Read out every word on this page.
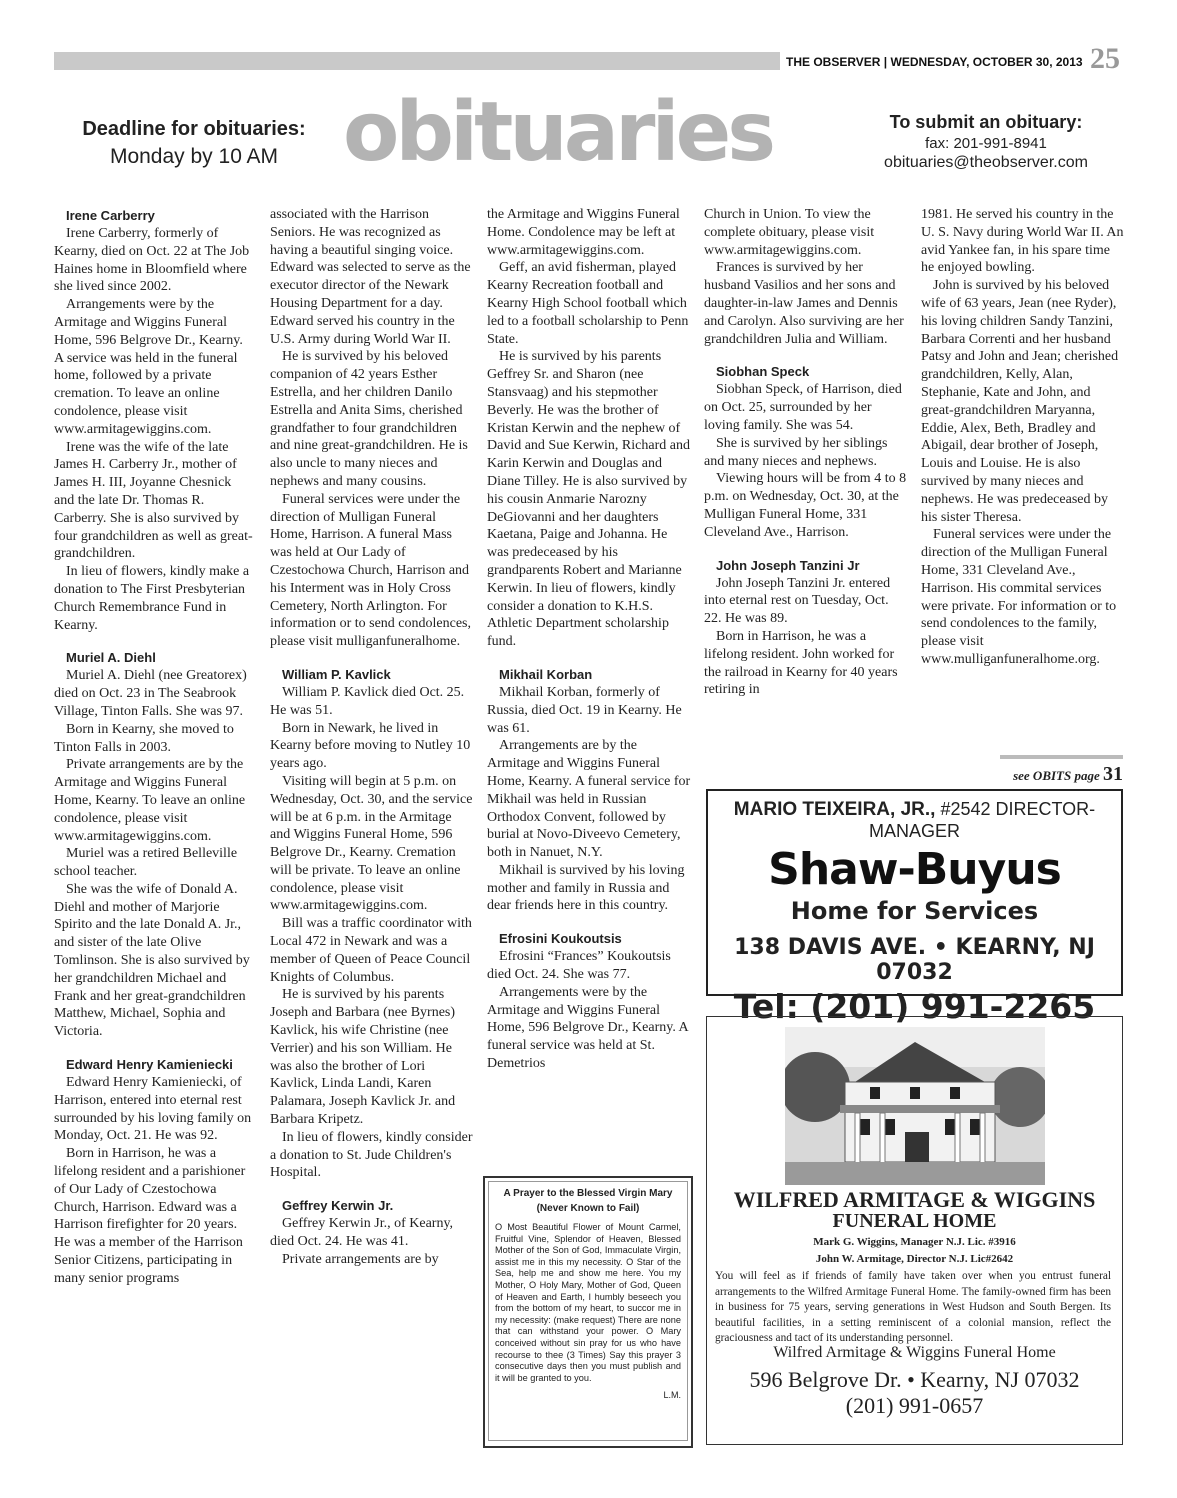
THE OBSERVER | WEDNESDAY, OCTOBER 30, 2013 25
Deadline for obituaries:
Monday by 10 AM obituaries	To submit an obituary:
fax: 201-991-8941
obituaries@theobserver.com
Irene Carberry

Irene Carberry, formerly of Kearny, died on Oct. 22 at The Job Haines home in Bloomfield where she lived since 2002.

Arrangements were by the Armitage and Wiggins Funeral Home, 596 Belgrove Dr., Kearny. A service was held in the funeral home, followed by a private cremation. To leave an online condolence, please visit www.armitagewiggins.com.

Irene was the wife of the late James H. Carberry Jr., mother of James H. III, Joyanne Chesnick and the late Dr. Thomas R. Carberry. She is also survived by four grandchildren as well as great-grandchildren.

In lieu of flowers, kindly make a donation to The First Presbyterian Church Remembrance Fund in Kearny.

Muriel A. Diehl

Muriel A. Diehl (nee Greatorex) died on Oct. 23 in The Seabrook Village, Tinton Falls. She was 97.

Born in Kearny, she moved to Tinton Falls in 2003.

Private arrangements are by the Armitage and Wiggins Funeral Home, Kearny. To leave an online condolence, please visit www.armitagewiggins.com.

Muriel was a retired Belleville school teacher.

She was the wife of Donald A. Diehl and mother of Marjorie Spirito and the late Donald A. Jr., and sister of the late Olive Tomlinson. She is also survived by her grandchildren Michael and Frank and her great-grandchildren Matthew, Michael, Sophia and Victoria.

Edward Henry Kamieniecki

Edward Henry Kamieniecki, of Harrison, entered into eternal rest surrounded by his loving family on Monday, Oct. 21. He was 92.

Born in Harrison, he was a lifelong resident and a parishioner of Our Lady of Czestochowa Church, Harrison. Edward was a Harrison firefighter for 20 years. He was a member of the Harrison Senior Citizens, participating in many senior programs

associated with the Harrison Seniors. He was recognized as having a beautiful singing voice. Edward was selected to serve as the executor director of the Newark Housing Department for a day. Edward served his country in the U.S. Army during World War II.

He is survived by his beloved companion of 42 years Esther Estrella, and her children Danilo Estrella and Anita Sims, cherished grandfather to four grandchildren and nine great-grandchildren. He is also uncle to many nieces and nephews and many cousins.

Funeral services were under the direction of Mulligan Funeral Home, Harrison. A funeral Mass was held at Our Lady of Czestochowa Church, Harrison and his Interment was in Holy Cross Cemetery, North Arlington. For information or to send condolences, please visit mulliganfuneralhome.

William P. Kavlick

William P. Kavlick died Oct. 25. He was 51.

Born in Newark, he lived in Kearny before moving to Nutley 10 years ago.

Visiting will begin at 5 p.m. on Wednesday, Oct. 30, and the service will be at 6 p.m. in the Armitage and Wiggins Funeral Home, 596 Belgrove Dr., Kearny. Cremation will be private. To leave an online condolence, please visit www.armitagewiggins.com.

Bill was a traffic coordinator with Local 472 in Newark and was a member of Queen of Peace Council Knights of Columbus.

He is survived by his parents Joseph and Barbara (nee Byrnes) Kavlick, his wife Christine (nee Verrier) and his son William. He was also the brother of Lori Kavlick, Linda Landi, Karen Palamara, Joseph Kavlick Jr. and Barbara Kripetz.

In lieu of flowers, kindly consider a donation to St. Jude Children's Hospital.

Geffrey Kerwin Jr.

Geffrey Kerwin Jr., of Kearny, died Oct. 24. He was 41.

Private arrangements are by

the Armitage and Wiggins Funeral Home. Condolence may be left at www.armitagewiggins.com.

Geff, an avid fisherman, played Kearny Recreation football and Kearny High School football which led to a football scholarship to Penn State.

He is survived by his parents Geffrey Sr. and Sharon (nee Stansvaag) and his stepmother Beverly. He was the brother of Kristan Kerwin and the nephew of David and Sue Kerwin, Richard and Karin Kerwin and Douglas and Diane Tilley. He is also survived by his cousin Anmarie Narozny DeGiovanni and her daughters Kaetana, Paige and Johanna. He was predeceased by his grandparents Robert and Marianne Kerwin. In lieu of flowers, kindly consider a donation to K.H.S. Athletic Department scholarship fund.

Mikhail Korban

Mikhail Korban, formerly of Russia, died Oct. 19 in Kearny. He was 61.

Arrangements are by the Armitage and Wiggins Funeral Home, Kearny. A funeral service for Mikhail was held in Russian Orthodox Convent, followed by burial at Novo-Diveevo Cemetery, both in Nanuet, N.Y.

Mikhail is survived by his loving mother and family in Russia and dear friends here in this country.

Efrosini Koukoutsis

Efrosini “Frances” Koukoutsis died Oct. 24. She was 77.

Arrangements were by the Armitage and Wiggins Funeral Home, 596 Belgrove Dr., Kearny. A funeral service was held at St. Demetrios

Church in Union. To view the complete obituary, please visit www.armitagewiggins.com.

Frances is survived by her husband Vasilios and her sons and daughter-in-law James and Dennis and Carolyn. Also surviving are her grandchildren Julia and William.

Siobhan Speck

Siobhan Speck, of Harrison, died on Oct. 25, surrounded by her loving family. She was 54.

She is survived by her siblings and many nieces and nephews.

Viewing hours will be from 4 to 8 p.m. on Wednesday, Oct. 30, at the Mulligan Funeral Home, 331 Cleveland Ave., Harrison.

John Joseph Tanzini Jr

John Joseph Tanzini Jr. entered into eternal rest on Tuesday, Oct. 22. He was 89.

Born in Harrison, he was a lifelong resident. John worked for the railroad in Kearny for 40 years retiring in

1981. He served his country in the U. S. Navy during World War II. An avid Yankee fan, in his spare time he enjoyed bowling.

John is survived by his beloved wife of 63 years, Jean (nee Ryder), his loving children Sandy Tanzini, Barbara Correnti and her husband Patsy and John and Jean; cherished grandchildren, Kelly, Alan, Stephanie, Kate and John, and great-grandchildren Maryanna, Eddie, Alex, Beth, Bradley and Abigail, dear brother of Joseph, Louis and Louise. He is also survived by many nieces and nephews. He was predeceased by his sister Theresa.

Funeral services were under the direction of the Mulligan Funeral Home, 331 Cleveland Ave., Harrison. His commital services were private. For information or to send condolences to the family, please visit www.mulliganfuneralhome.org.

see OBITS page 31
MARIO TEIXEIRA, JR., #2542 DIRECTOR-MANAGER
Shaw-Buyus
Home for Services
138 DAVIS AVE. • KEARNY, NJ 07032
Tel: (201) 991-2265
A Prayer to the Blessed Virgin Mary (Never Known to Fail)
O Most Beautiful Flower of Mount Carmel, Fruitful Vine, Splendor of Heaven, Blessed Mother of the Son of God, Immaculate Virgin, assist me in this my necessity. O Star of the Sea, help me and show me here. You my Mother, O Holy Mary, Mother of God, Queen of Heaven and Earth, I humbly beseech you from the bottom of my heart, to succor me in my necessity: (make request) There are none that can withstand your power. O Mary conceived without sin pray for us who have recourse to thee (3 Times) Say this prayer 3 consecutive days then you must publish and it will be granted to you.
L.M.
WILFRED ARMITAGE & WIGGINS
FUNERAL HOME
Mark G. Wiggins, Manager N.J. Lic. #3916
John W. Armitage, Director N.J. Lic#2642
You will feel as if friends of family have taken over when you entrust funeral arrangements to the Wilfred Armitage Funeral Home. The family-owned firm has been in business for 75 years, serving generations in West Hudson and South Bergen. Its beautiful facilities, in a setting reminiscent of a colonial mansion, reflect the graciousness and tact of its understanding personnel.
Wilfred Armitage & Wiggins Funeral Home
596 Belgrove Dr. • Kearny, NJ 07032
(201) 991-0657
